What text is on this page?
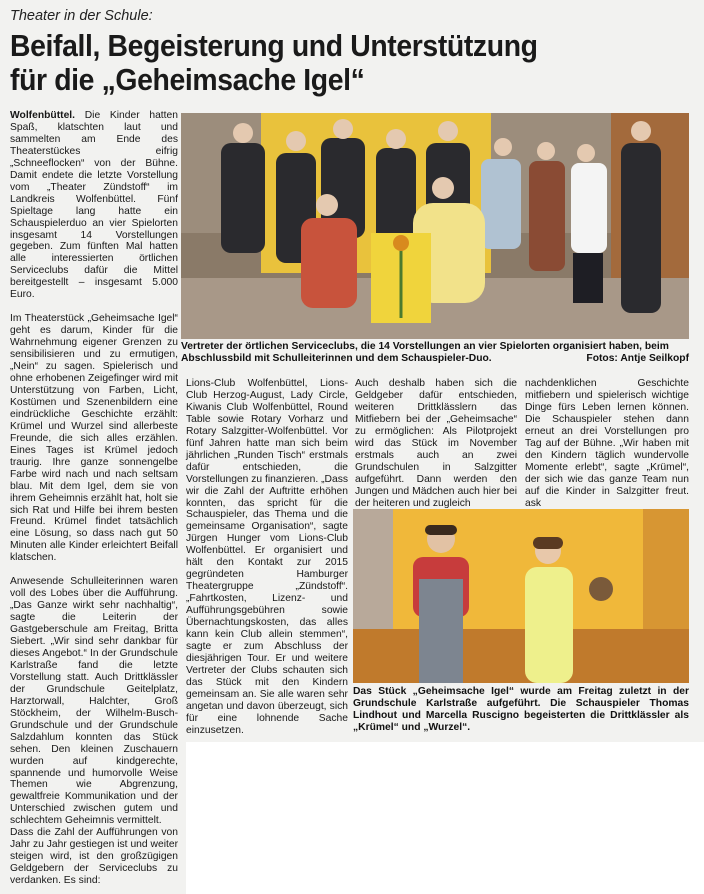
Theater in der Schule:
Beifall, Begeisterung und Unterstützung
für die „Geheimsache Igel“

Wolfenbüttel. Die Kinder hatten Spaß, klatschten laut und sammelten am Ende des Theaterstückes eifrig „Schneeflocken“ von der Bühne. Damit endete die letzte Vorstellung vom „Theater Zündstoff“ im Landkreis Wolfenbüttel. Fünf Spieltage lang hatte ein Schauspielerduo an vier Spielorten insgesamt 14 Vorstellungen gegeben. Zum fünften Mal hatten alle interessierten örtlichen Serviceclubs dafür die Mittel bereitgestellt – insgesamt 5.000 Euro.

Im Theaterstück „Geheimsache Igel“ geht es darum, Kinder für die Wahrnehmung eigener Grenzen zu sensibilisieren und zu ermutigen, „Nein“ zu sagen. Spielerisch und ohne erhobenen Zeigefinger wird mit Unterstützung von Farben, Licht, Kostümen und Szenenbildern eine eindrückliche Geschichte erzählt: Krümel und Wurzel sind allerbeste Freunde, die sich alles erzählen. Eines Tages ist Krümel jedoch traurig. Ihre ganze sonnengelbe Farbe wird nach und nach seltsam blau. Mit dem Igel, dem sie von ihrem Geheimnis erzählt hat, holt sie sich Rat und Hilfe bei ihrem besten Freund. Krümel findet tatsächlich eine Lösung, so dass nach gut 50 Minuten alle Kinder erleichtert Beifall klatschen.

Anwesende Schulleiterinnen waren voll des Lobes über die Aufführung. „Das Ganze wirkt sehr nachhaltig“, sagte die Leiterin der Gastgeberschule am Freitag, Britta Siebert. „Wir sind sehr dankbar für dieses Angebot.“ In der Grundschule Karlstraße fand die letzte Vorstellung statt. Auch Drittklässler der Grundschule Geitelplatz, Harztorwall, Halchter, Groß Stöckheim, der Wilhelm-Busch-Grundschule und der Grundschule Salzdahlum konnten das Stück sehen. Den kleinen Zuschauern wurden auf kindgerechte, spannende und humorvolle Weise Themen wie Abgrenzung, gewaltfreie Kommunikation und der Unterschied zwischen gutem und schlechtem Geheimnis vermittelt.

Dass die Zahl der Aufführungen von Jahr zu Jahr gestiegen ist und weiter steigen wird, ist den großzügigen Geldgebern der Serviceclubs zu verdanken. Es sind:

Vertreter der örtlichen Serviceclubs, die 14 Vorstellungen an vier Spielorten organisiert haben, beim Abschlussbild mit Schulleiterinnen und dem Schauspieler-Duo.	Fotos: Antje Seilkopf

Lions-Club Wolfenbüttel, Lions-Club Herzog-August, Lady Circle, Kiwanis Club Wolfenbüttel, Round Table sowie Rotary Vorharz und Rotary Salzgitter-Wolfenbüttel. Vor fünf Jahren hatte man sich beim jährlichen „Runden Tisch“ erstmals dafür entschieden, die Vorstellungen zu finanzieren. „Dass wir die Zahl der Auftritte erhöhen konnten, das spricht für die Schauspieler, das Thema und die gemeinsame Organisation“, sagte Jürgen Hunger vom Lions-Club Wolfenbüttel. Er organisiert und hält den Kontakt zur 2015 gegründeten Hamburger Theatergruppe „Zündstoff“. „Fahrtkosten, Lizenz- und Aufführungsgebühren sowie Übernachtungskosten, das alles kann kein Club allein stemmen“, sagte er zum Abschluss der diesjährigen Tour. Er und weitere Vertreter der Clubs schauten sich das Stück mit den Kindern gemeinsam an. Sie alle waren sehr angetan und davon überzeugt, sich für eine lohnende Sache einzusetzen.

Auch deshalb haben sich die Geldgeber dafür entschieden, weiteren Drittklässlern das Mitfiebern bei der „Geheimsache“ zu ermöglichen: Als Pilotprojekt wird das Stück im November erstmals auch an zwei Grundschulen in Salzgitter aufgeführt. Dann werden den Jungen und Mädchen auch hier bei der heiteren und zugleich

nachdenklichen Geschichte mitfiebern und spielerisch wichtige Dinge fürs Leben lernen können. Die Schauspieler stehen dann erneut an drei Vorstellungen pro Tag auf der Bühne. „Wir haben mit den Kindern täglich wundervolle Momente erlebt“, sagte „Krümel“, der sich wie das ganze Team nun auf die Kinder in Salzgitter freut. ask

Das Stück „Geheimsache Igel“ wurde am Freitag zuletzt in der Grundschule Karlstraße aufgeführt. Die Schauspieler Thomas Lindhout und Marcella Ruscigno begeisterten die Drittklässler als „Krümel“ und „Wurzel“.
